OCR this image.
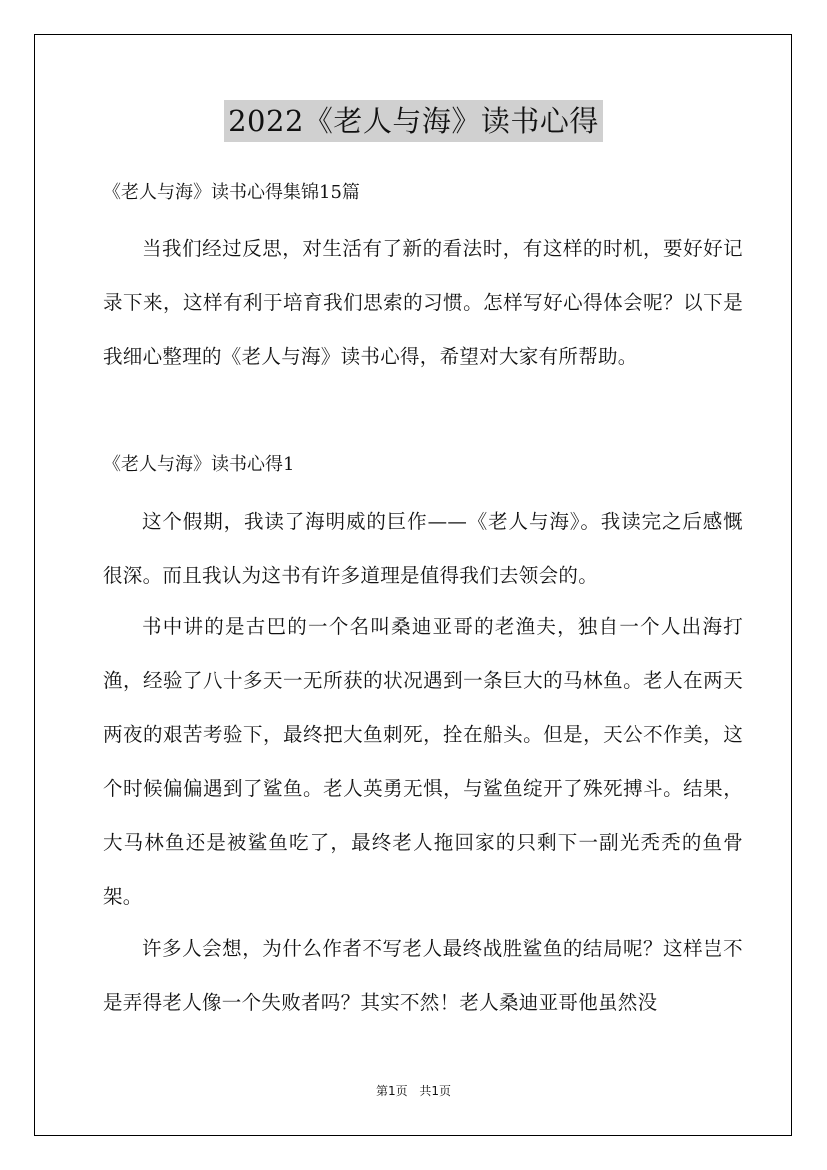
2022《老人与海》读书心得

《老人与海》读书心得集锦15篇

当我们经过反思，对生活有了新的看法时，有这样的时机，要好好记录下来，这样有利于培育我们思索的习惯。怎样写好心得体会呢？以下是我细心整理的《老人与海》读书心得，希望对大家有所帮助。

《老人与海》读书心得1

这个假期，我读了海明威的巨作——《老人与海》。我读完之后感慨很深。而且我认为这书有许多道理是值得我们去领会的。

书中讲的是古巴的一个名叫桑迪亚哥的老渔夫，独自一个人出海打渔，经验了八十多天一无所获的状况遇到一条巨大的马林鱼。老人在两天两夜的艰苦考验下，最终把大鱼刺死，拴在船头。但是，天公不作美，这个时候偏偏遇到了鲨鱼。老人英勇无惧，与鲨鱼绽开了殊死搏斗。结果，大马林鱼还是被鲨鱼吃了，最终老人拖回家的只剩下一副光秃秃的鱼骨架。

许多人会想，为什么作者不写老人最终战胜鲨鱼的结局呢？这样岂不是弄得老人像一个失败者吗？其实不然！老人桑迪亚哥他虽然没

第1页 共1页
